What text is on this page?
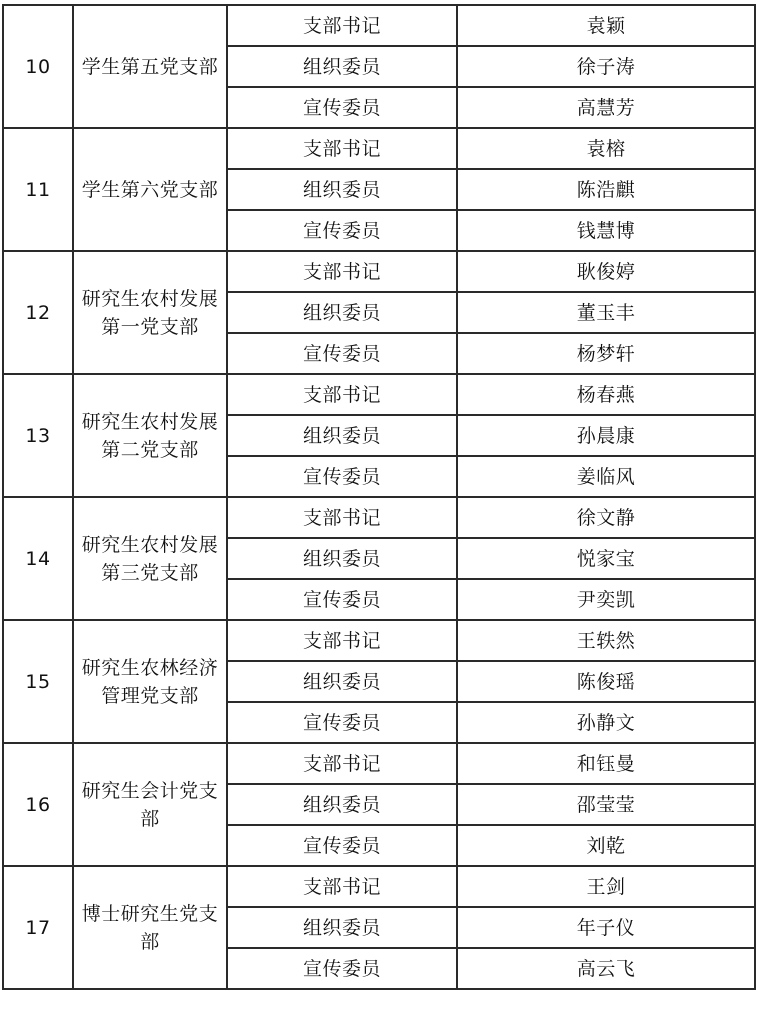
10	学生第五党支部	支部书记	袁颖
		组织委员	徐子涛
		宣传委员	高慧芳
11	学生第六党支部	支部书记	袁榕
		组织委员	陈浩麒
		宣传委员	钱慧博
12	研究生农村发展第一党支部	支部书记	耿俊婷
		组织委员	董玉丰
		宣传委员	杨梦轩
13	研究生农村发展第二党支部	支部书记	杨春燕
		组织委员	孙晨康
		宣传委员	姜临风
14	研究生农村发展第三党支部	支部书记	徐文静
		组织委员	悦家宝
		宣传委员	尹奕凯
15	研究生农林经济管理党支部	支部书记	王轶然
		组织委员	陈俊瑶
		宣传委员	孙静文
16	研究生会计党支部	支部书记	和钰曼
		组织委员	邵莹莹
		宣传委员	刘乾
17	博士研究生党支部	支部书记	王剑
		组织委员	年子仪
		宣传委员	高云飞
